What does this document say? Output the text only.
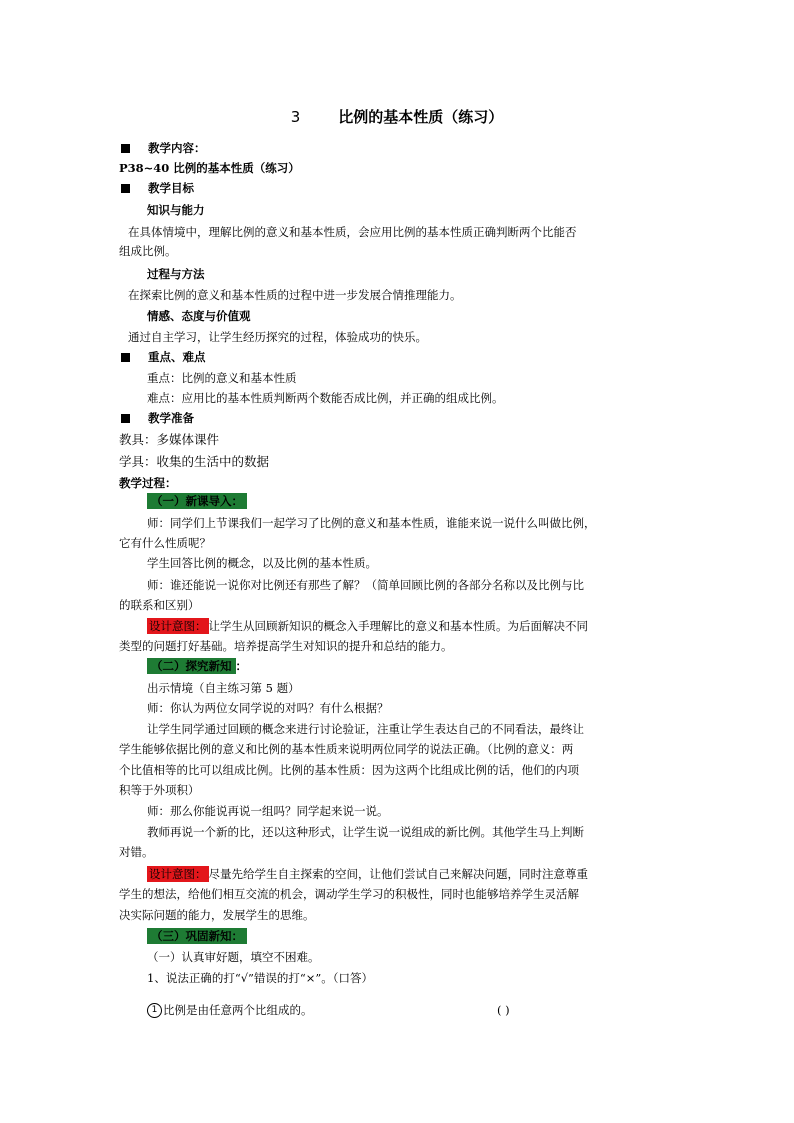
3	比例的基本性质（练习）
教学内容：
P38~40 比例的基本性质（练习）
教学目标
知识与能力
在具体情境中，理解比例的意义和基本性质，会应用比例的基本性质正确判断两个比能否
组成比例。
过程与方法
在探索比例的意义和基本性质的过程中进一步发展合情推理能力。
情感、态度与价值观
通过自主学习，让学生经历探究的过程，体验成功的快乐。
重点、难点
重点：比例的意义和基本性质
难点：应用比的基本性质判断两个数能否成比例，并正确的组成比例。
教学准备
教具：多媒体课件
学具：收集的生活中的数据
教学过程：
（一）新课导入：
师：同学们上节课我们一起学习了比例的意义和基本性质，谁能来说一说什么叫做比例，
它有什么性质呢？
学生回答比例的概念，以及比例的基本性质。
师：谁还能说一说你对比例还有那些了解？（简单回顾比例的各部分名称以及比例与比
的联系和区别）
设计意图： 让学生从回顾新知识的概念入手理解比的意义和基本性质。为后面解决不同
类型的问题打好基础。培养提高学生对知识的提升和总结的能力。
（二）探究新知 ：
出示情境（自主练习第 5 题）
师：你认为两位女同学说的对吗？有什么根据？
让学生同学通过回顾的概念来进行讨论验证，注重让学生表达自己的不同看法，最终让
学生能够依据比例的意义和比例的基本性质来说明两位同学的说法正确。（比例的意义：两
个比值相等的比可以组成比例。比例的基本性质：因为这两个比组成比例的话，他们的内项
积等于外项积）
师：那么你能说再说一组吗？同学起来说一说。
教师再说一个新的比，还以这种形式，让学生说一说组成的新比例。其他学生马上判断
对错。
设计意图： 尽量先给学生自主探索的空间，让他们尝试自己来解决问题，同时注意尊重
学生的想法，给他们相互交流的机会，调动学生学习的积极性，同时也能够培养学生灵活解
决实际问题的能力，发展学生的思维。
（三）巩固新知：
（一）认真审好题，填空不困难。
1、说法正确的打“√”错误的打“×”。（口答）
1 比例是由任意两个比组成的。	( )
